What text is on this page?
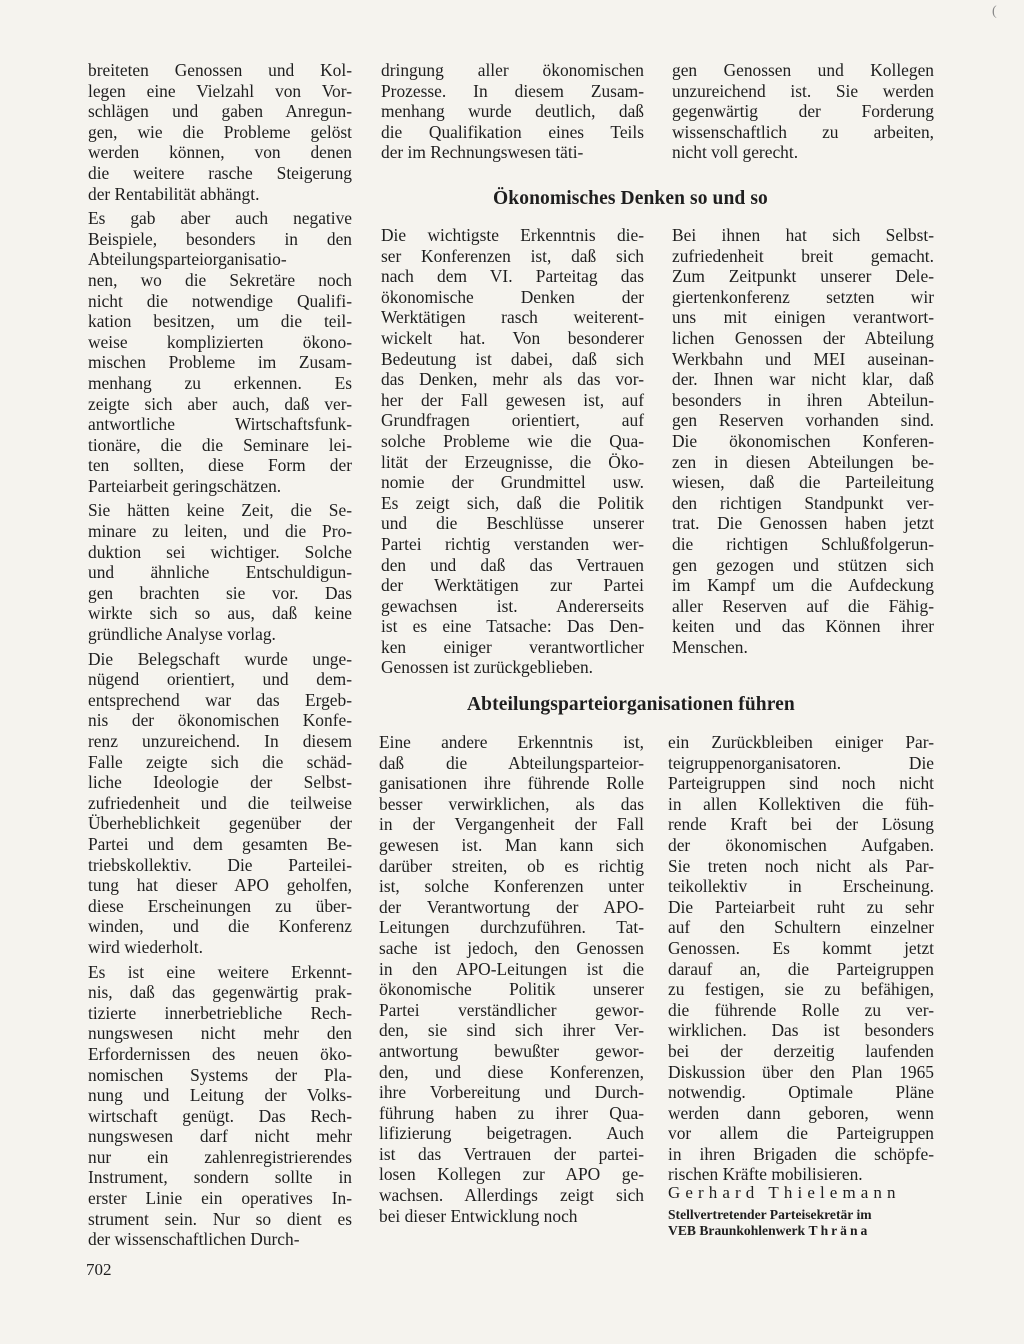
(

breiteten Genossen und Kol-
legen eine Vielzahl von Vor-
schlägen und gaben Anregun-
gen, wie die Probleme gelöst
werden können, von denen
die weitere rasche Steigerung
der Rentabilität abhängt.

Es gab aber auch negative
Beispiele, besonders in den
Abteilungsparteiorganisatio-
nen, wo die Sekretäre noch
nicht die notwendige Qualifi-
kation besitzen, um die teil-
weise komplizierten ökono-
mischen Probleme im Zusam-
menhang zu erkennen. Es
zeigte sich aber auch, daß ver-
antwortliche Wirtschaftsfunk-
tionäre, die die Seminare lei-
ten sollten, diese Form der
Parteiarbeit geringschätzen.

Sie hätten keine Zeit, die Se-
minare zu leiten, und die Pro-
duktion sei wichtiger. Solche
und ähnliche Entschuldigun-
gen brachten sie vor. Das
wirkte sich so aus, daß keine
gründliche Analyse vorlag.

Die Belegschaft wurde unge-
nügend orientiert, und dem-
entsprechend war das Ergeb-
nis der ökonomischen Konfe-
renz unzureichend. In diesem
Falle zeigte sich die schäd-
liche Ideologie der Selbst-
zufriedenheit und die teilweise
Überheblichkeit gegenüber der
Partei und dem gesamten Be-
triebskollektiv. Die Parteilei-
tung hat dieser APO geholfen,
diese Erscheinungen zu über-
winden, und die Konferenz
wird wiederholt.

Es ist eine weitere Erkennt-
nis, daß das gegenwärtig prak-
tizierte innerbetriebliche Rech-
nungswesen nicht mehr den
Erfordernissen des neuen öko-
nomischen Systems der Pla-
nung und Leitung der Volks-
wirtschaft genügt. Das Rech-
nungswesen darf nicht mehr
nur ein zahlenregistrierendes
Instrument, sondern sollte in
erster Linie ein operatives In-
strument sein. Nur so dient es
der wissenschaftlichen Durch-

dringung aller ökonomischen
Prozesse. In diesem Zusam-
menhang wurde deutlich, daß
die Qualifikation eines Teils
der im Rechnungswesen täti-

gen Genossen und Kollegen
unzureichend ist. Sie werden
gegenwärtig der Forderung
wissenschaftlich zu arbeiten,
nicht voll gerecht.

Ökonomisches Denken so und so

Die wichtigste Erkenntnis die-
ser Konferenzen ist, daß sich
nach dem VI. Parteitag das
ökonomische Denken der
Werktätigen rasch weiterent-
wickelt hat. Von besonderer
Bedeutung ist dabei, daß sich
das Denken, mehr als das vor-
her der Fall gewesen ist, auf
Grundfragen orientiert, auf
solche Probleme wie die Qua-
lität der Erzeugnisse, die Öko-
nomie der Grundmittel usw.
Es zeigt sich, daß die Politik
und die Beschlüsse unserer
Partei richtig verstanden wer-
den und daß das Vertrauen
der Werktätigen zur Partei
gewachsen ist. Andererseits
ist es eine Tatsache: Das Den-
ken einiger verantwortlicher
Genossen ist zurückgeblieben.

Bei ihnen hat sich Selbst-
zufriedenheit breit gemacht.
Zum Zeitpunkt unserer Dele-
giertenkonferenz setzten wir
uns mit einigen verantwort-
lichen Genossen der Abteilung
Werkbahn und MEI auseinan-
der. Ihnen war nicht klar, daß
besonders in ihren Abteilun-
gen Reserven vorhanden sind.
Die ökonomischen Konferen-
zen in diesen Abteilungen be-
wiesen, daß die Parteileitung
den richtigen Standpunkt ver-
trat. Die Genossen haben jetzt
die richtigen Schlußfolgerun-
gen gezogen und stützen sich
im Kampf um die Aufdeckung
aller Reserven auf die Fähig-
keiten und das Können ihrer
Menschen.

Abteilungsparteiorganisationen führen

Eine andere Erkenntnis ist,
daß die Abteilungsparteior-
ganisationen ihre führende Rolle
besser verwirklichen, als das
in der Vergangenheit der Fall
gewesen ist. Man kann sich
darüber streiten, ob es richtig
ist, solche Konferenzen unter
der Verantwortung der APO-
Leitungen durchzuführen. Tat-
sache ist jedoch, den Genossen
in den APO-Leitungen ist die
ökonomische Politik unserer
Partei verständlicher gewor-
den, sie sind sich ihrer Ver-
antwortung bewußter gewor-
den, und diese Konferenzen,
ihre Vorbereitung und Durch-
führung haben zu ihrer Qua-
lifizierung beigetragen. Auch
ist das Vertrauen der partei-
losen Kollegen zur APO ge-
wachsen. Allerdings zeigt sich
bei dieser Entwicklung noch

ein Zurückbleiben einiger Par-
teigruppenorganisatoren. Die
Parteigruppen sind noch nicht
in allen Kollektiven die füh-
rende Kraft bei der Lösung
der ökonomischen Aufgaben.
Sie treten noch nicht als Par-
teikollektiv in Erscheinung.
Die Parteiarbeit ruht zu sehr
auf den Schultern einzelner
Genossen. Es kommt jetzt
darauf an, die Parteigruppen
zu festigen, sie zu befähigen,
die führende Rolle zu ver-
wirklichen. Das ist besonders
bei der derzeitig laufenden
Diskussion über den Plan 1965
notwendig. Optimale Pläne
werden dann geboren, wenn
vor allem die Parteigruppen
in ihren Brigaden die schöpfe-
rischen Kräfte mobilisieren.

Gerhard Thielemann
Stellvertretender Parteisekretär im
VEB Braunkohlenwerk Thräna
702
